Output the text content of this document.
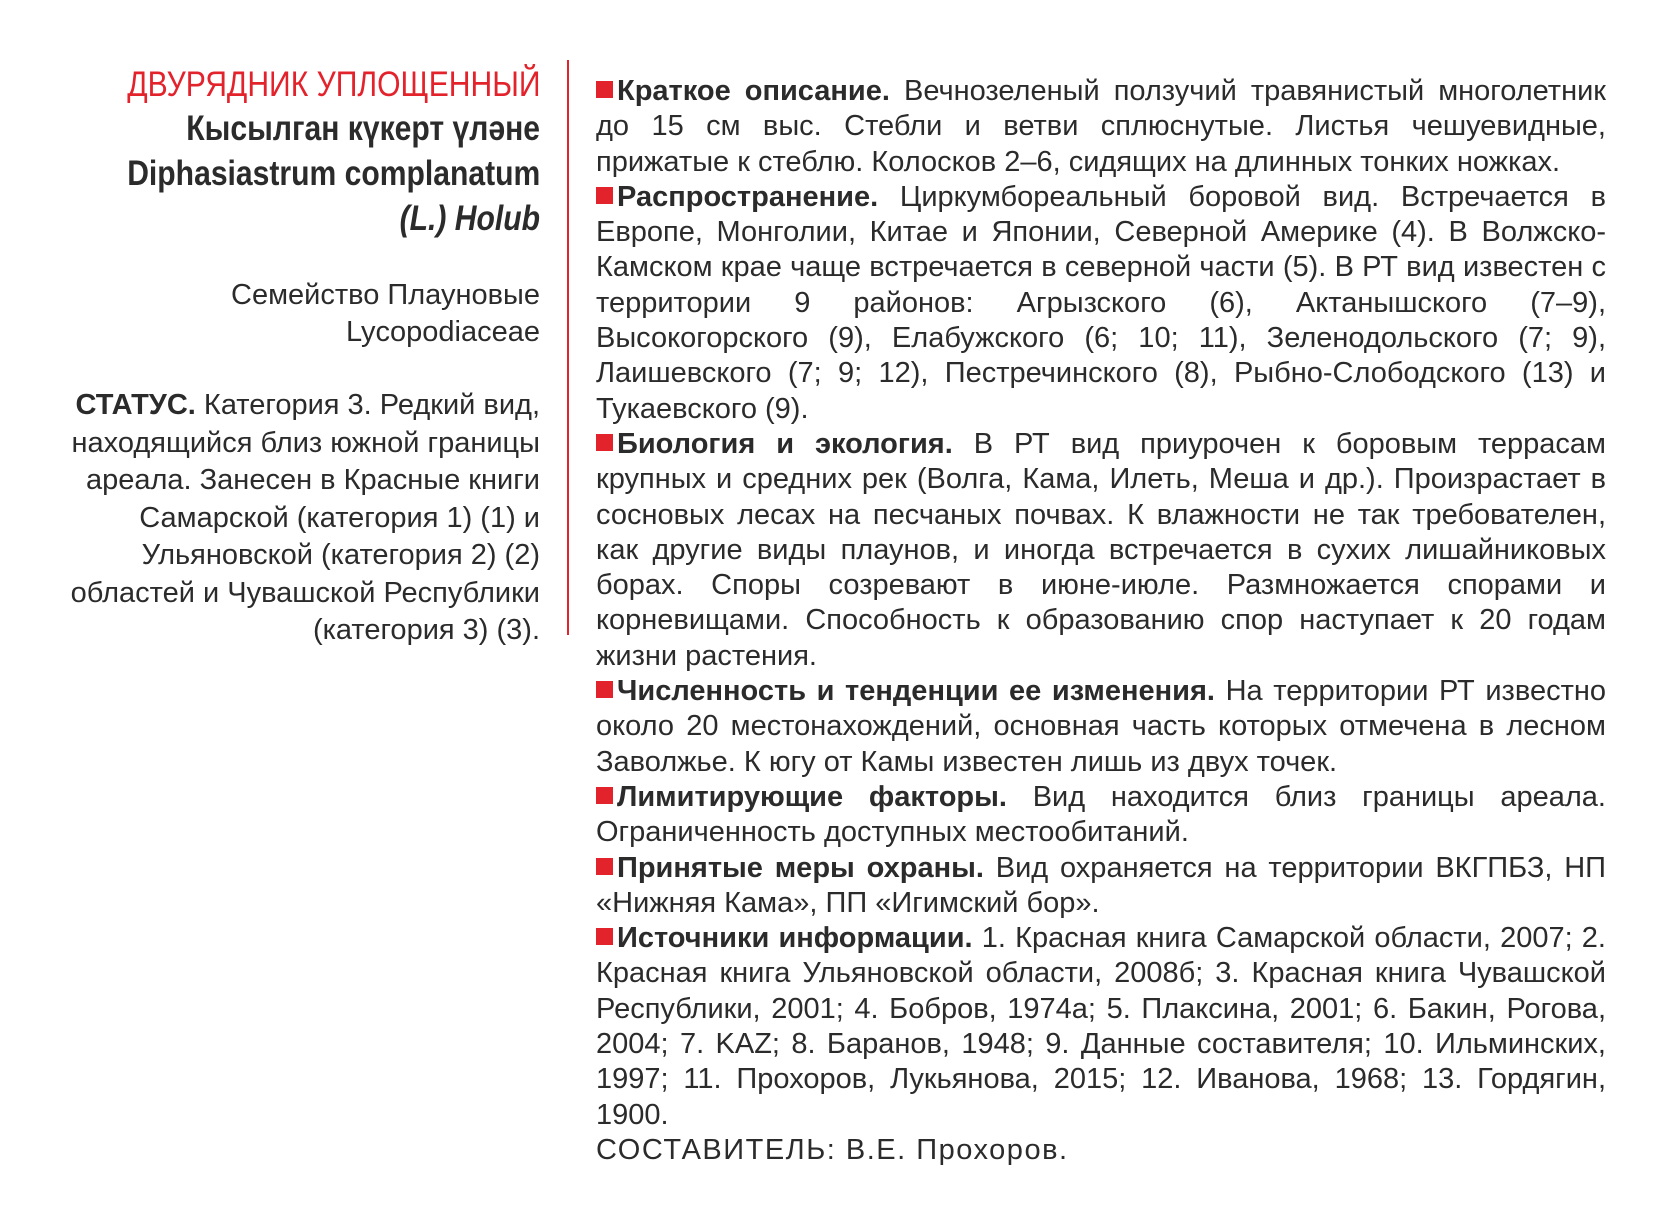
ДВУРЯДНИК УПЛОЩЕННЫЙ
Кысылган күкерт үләне
Diphasiastrum complanatum
(L.) Holub
Семейство Плауновые
Lycopodiaceae
СТАТУС. Категория 3. Редкий вид, находящийся близ южной границы ареала. Занесен в Красные книги Самарской (категория 1) (1) и Ульяновской (категория 2) (2) областей и Чувашской Республики (категория 3) (3).

Краткое описание. Вечнозеленый ползучий травянистый многолетник до 15 см выс. Стебли и ветви сплюснутые. Листья чешуевидные, прижатые к стеблю. Колосков 2–6, сидящих на длинных тонких ножках.

Распространение. Циркумбореальный боровой вид. Встречается в Европе, Монголии, Китае и Японии, Северной Америке (4). В Волжско-Камском крае чаще встречается в северной части (5). В РТ вид известен с территории 9 районов: Агрызского (6), Актанышского (7–9), Высокогорского (9), Елабужского (6; 10; 11), Зеленодольского (7; 9), Лаишевского (7; 9; 12), Пестречинского (8), Рыбно-Слободского (13) и Тукаевского (9).

Биология и экология. В РТ вид приурочен к боровым террасам крупных и средних рек (Волга, Кама, Илеть, Меша и др.). Произрастает в сосновых лесах на песчаных почвах. К влажности не так требователен, как другие виды плаунов, и иногда встречается в сухих лишайниковых борах. Споры созревают в июне-июле. Размножается спорами и корневищами. Способность к образованию спор наступает к 20 годам жизни растения.

Численность и тенденции ее изменения. На территории РТ известно около 20 местонахождений, основная часть которых отмечена в лесном Заволжье. К югу от Камы известен лишь из двух точек.

Лимитирующие факторы. Вид находится близ границы ареала. Ограниченность доступных местообитаний.

Принятые меры охраны. Вид охраняется на территории ВКГПБЗ, НП «Нижняя Кама», ПП «Игимский бор».

Источники информации. 1. Красная книга Самарской области, 2007; 2. Красная книга Ульяновской области, 2008б; 3. Красная книга Чувашской Республики, 2001; 4. Бобров, 1974а; 5. Плаксина, 2001; 6. Бакин, Рогова, 2004; 7. KAZ; 8. Баранов, 1948; 9. Данные составителя; 10. Ильминских, 1997; 11. Прохоров, Лукьянова, 2015; 12. Иванова, 1968; 13. Гордягин, 1900.

СОСТАВИТЕЛЬ: В.Е. Прохоров.
